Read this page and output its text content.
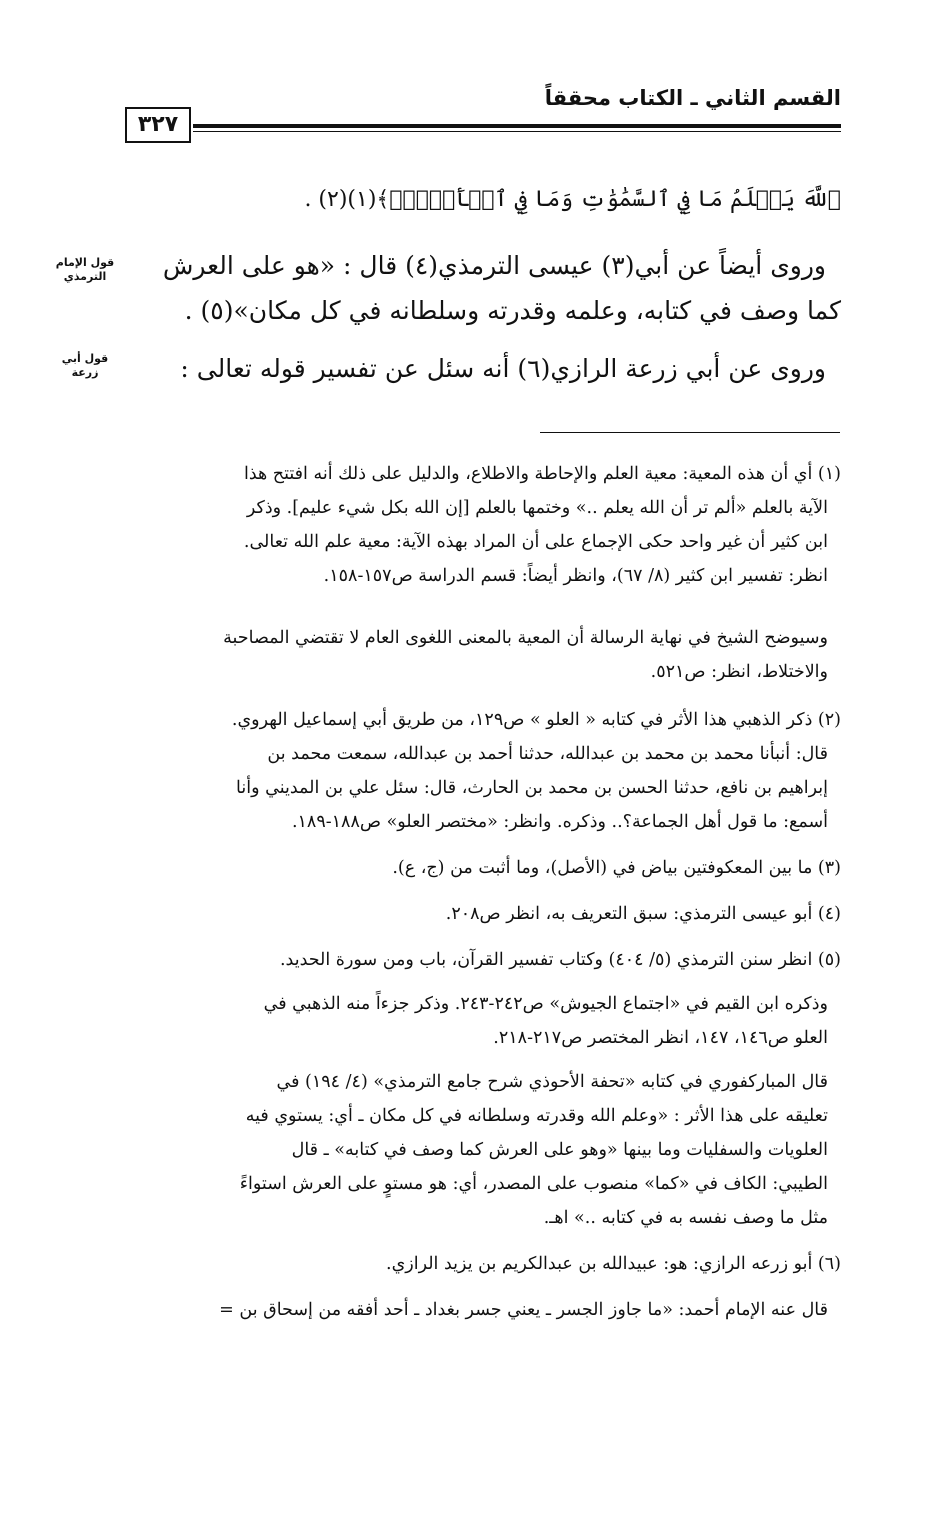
القسم الثاني ـ الكتاب محققاً
٣٢٧
ﭐللَّهَ يَعۡلَمُ مَا فِي ٱلسَّمَٰوَٰتِ وَمَا فِي ٱلۡأَرۡضِۖ﴾(١)(٢) .
وروى أيضاً عن أبي(٣) عيسى الترمذي(٤) قال : «هو على العرش
كما وصف في كتابه، وعلمه وقدرته وسلطانه في كل مكان»(٥) .
وروى عن أبي زرعة الرازي(٦) أنه سئل عن تفسير قوله تعالى :
قول الإمام الترمذي
قول أبي زرعة
(١) أي أن هذه المعية: معية العلم والإحاطة والاطلاع، والدليل على ذلك أنه افتتح هذا
الآية بالعلم «ألم تر أن الله يعلم ..» وختمها بالعلم [إن الله بكل شيء عليم]. وذكر
ابن كثير أن غير واحد حكى الإجماع على أن المراد بهذه الآية: معية علم الله تعالى.
انظر: تفسير ابن كثير (٨/ ٦٧)، وانظر أيضاً: قسم الدراسة ص١٥٧-١٥٨.
وسيوضح الشيخ في نهاية الرسالة أن المعية بالمعنى اللغوى العام لا تقتضي المصاحبة
والاختلاط، انظر: ص٥٢١.
(٢) ذكر الذهبي هذا الأثر في كتابه « العلو » ص١٢٩، من طريق أبي إسماعيل الهروي.
قال: أنبأنا محمد بن محمد بن عبدالله، حدثنا أحمد بن عبدالله، سمعت محمد بن
إبراهيم بن نافع، حدثنا الحسن بن محمد بن الحارث، قال: سئل علي بن المديني وأنا
أسمع: ما قول أهل الجماعة؟.. وذكره. وانظر: «مختصر العلو» ص١٨٨-١٨٩.
(٣) ما بين المعكوفتين بياض في (الأصل)، وما أثبت من (ج، ع).
(٤) أبو عيسى الترمذي: سبق التعريف به، انظر ص٢٠٨.
(٥) انظر سنن الترمذي (٥/ ٤٠٤) وكتاب تفسير القرآن، باب ومن سورة الحديد.
وذكره ابن القيم في «اجتماع الجيوش» ص٢٤٢-٢٤٣. وذكر جزءاً منه الذهبي في
العلو ص١٤٦، ١٤٧، انظر المختصر ص٢١٧-٢١٨.
قال المباركفوري في كتابه «تحفة الأحوذي شرح جامع الترمذي» (٤/ ١٩٤) في
تعليقه على هذا الأثر : «وعلم الله وقدرته وسلطانه في كل مكان ـ أي: يستوي فيه
العلويات والسفليات وما بينها «وهو على العرش كما وصف في كتابه» ـ قال
الطيبي: الكاف في «كما» منصوب على المصدر، أي: هو مستوٍ على العرش استواءً
مثل ما وصف نفسه به في كتابه ..» اهـ.
(٦) أبو زرعه الرازي: هو: عبيدالله بن عبدالكريم بن يزيد الرازي.
قال عنه الإمام أحمد: «ما جاوز الجسر ـ يعني جسر بغداد ـ أحد أفقه من إسحاق بن =
